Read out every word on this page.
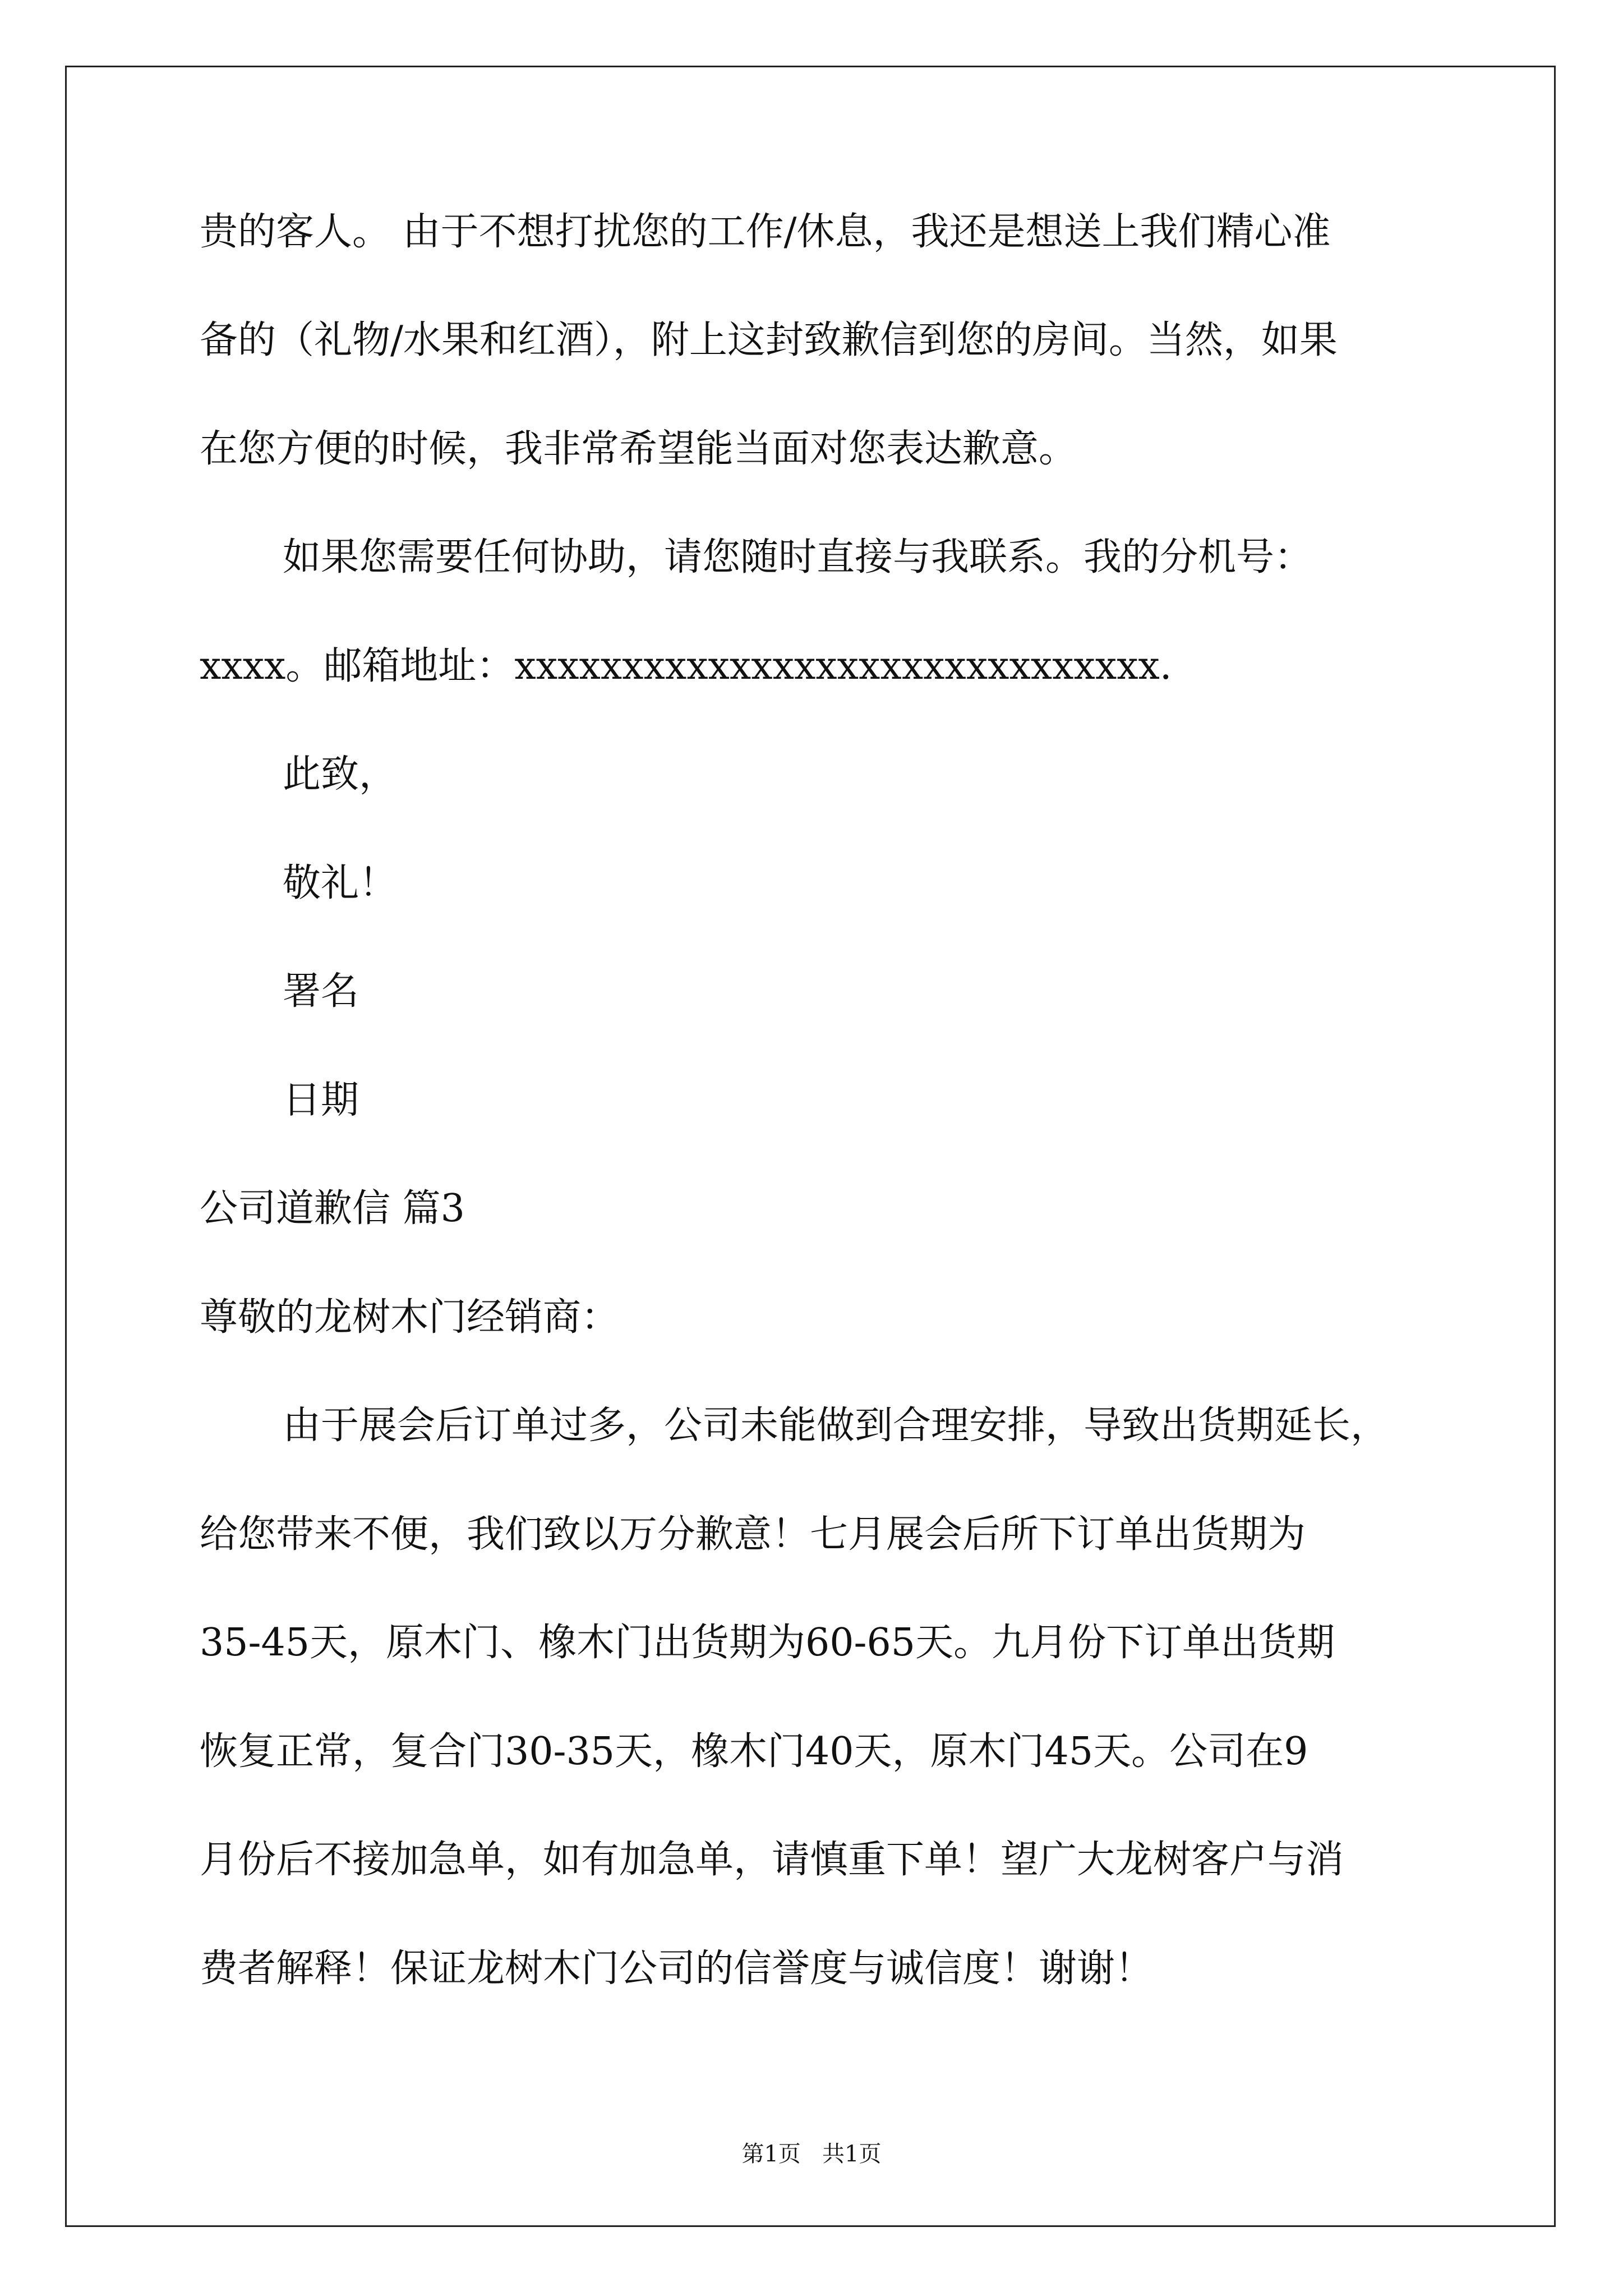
贵的客人。 由于不想打扰您的工作/休息，我还是想送上我们精心准
备的（礼物/水果和红酒），附上这封致歉信到您的房间。当然，如果
在您方便的时候，我非常希望能当面对您表达歉意。
如果您需要任何协助，请您随时直接与我联系。我的分机号：
xxxx。邮箱地址：xxxxxxxxxxxxxxxxxxxxxxxxxxxxxx.
此致，
敬礼！
署名
日期
公司道歉信 篇3
尊敬的龙树木门经销商：
由于展会后订单过多，公司未能做到合理安排，导致出货期延长，
给您带来不便，我们致以万分歉意！七月展会后所下订单出货期为
35-45天，原木门、橡木门出货期为60-65天。九月份下订单出货期
恢复正常，复合门30-35天，橡木门40天，原木门45天。公司在9
月份后不接加急单，如有加急单，请慎重下单！望广大龙树客户与消
费者解释！保证龙树木门公司的信誉度与诚信度！谢谢！
第1页   共1页
